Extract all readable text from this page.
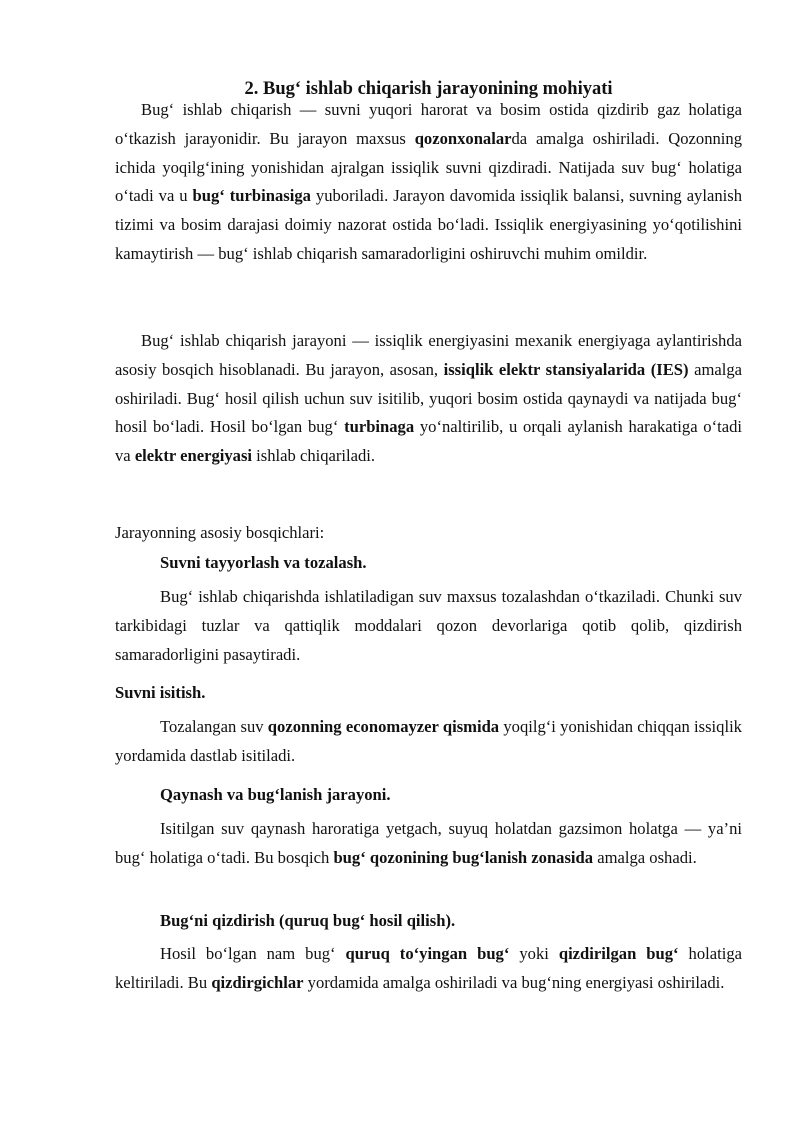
2. Bug‘ ishlab chiqarish jarayonining mohiyati

Bug‘ ishlab chiqarish — suvni yuqori harorat va bosim ostida qizdirib gaz holatiga o‘tkazish jarayonidir. Bu jarayon maxsus qozonxonalarda amalga oshiriladi. Qozonning ichida yoqilg‘ining yonishidan ajralgan issiqlik suvni qizdiradi. Natijada suv bug‘ holatiga o‘tadi va u bug‘ turbinasiga yuboriladi. Jarayon davomida issiqlik balansi, suvning aylanish tizimi va bosim darajasi doimiy nazorat ostida bo‘ladi. Issiqlik energiyasining yo‘qotilishini kamaytirish — bug‘ ishlab chiqarish samaradorligini oshiruvchi muhim omildir.

Bug‘ ishlab chiqarish jarayoni — issiqlik energiyasini mexanik energiyaga aylantirishda asosiy bosqich hisoblanadi. Bu jarayon, asosan, issiqlik elektr stansiyalarida (IES) amalga oshiriladi. Bug‘ hosil qilish uchun suv isitilib, yuqori bosim ostida qaynaydi va natijada bug‘ hosil bo‘ladi. Hosil bo‘lgan bug‘ turbinaga yo‘naltirilib, u orqali aylanish harakatiga o‘tadi va elektr energiyasi ishlab chiqariladi.

Jarayonning asosiy bosqichlari:
Suvni tayyorlash va tozalash.

Bug‘ ishlab chiqarishda ishlatiladigan suv maxsus tozalashdan o‘tkaziladi. Chunki suv tarkibidagi tuzlar va qattiqlik moddalari qozon devorlariga qotib qolib, qizdirish samaradorligini pasaytiradi.

Suvni isitish.

Tozalangan suv qozonning economayzer qismida yoqilg‘i yonishidan chiqqan issiqlik yordamida dastlab isitiladi.

Qaynash va bug‘lanish jarayoni.

Isitilgan suv qaynash haroratiga yetgach, suyuq holatdan gazsimon holatga — ya’ni bug‘ holatiga o‘tadi. Bu bosqich bug‘ qozonining bug‘lanish zonasida amalga oshadi.

Bug‘ni qizdirish (quruq bug‘ hosil qilish).

Hosil bo‘lgan nam bug‘ quruq to‘yingan bug‘ yoki qizdirilgan bug‘ holatiga keltiriladi. Bu qizdirgichlar yordamida amalga oshiriladi va bug‘ning energiyasi oshiriladi.
